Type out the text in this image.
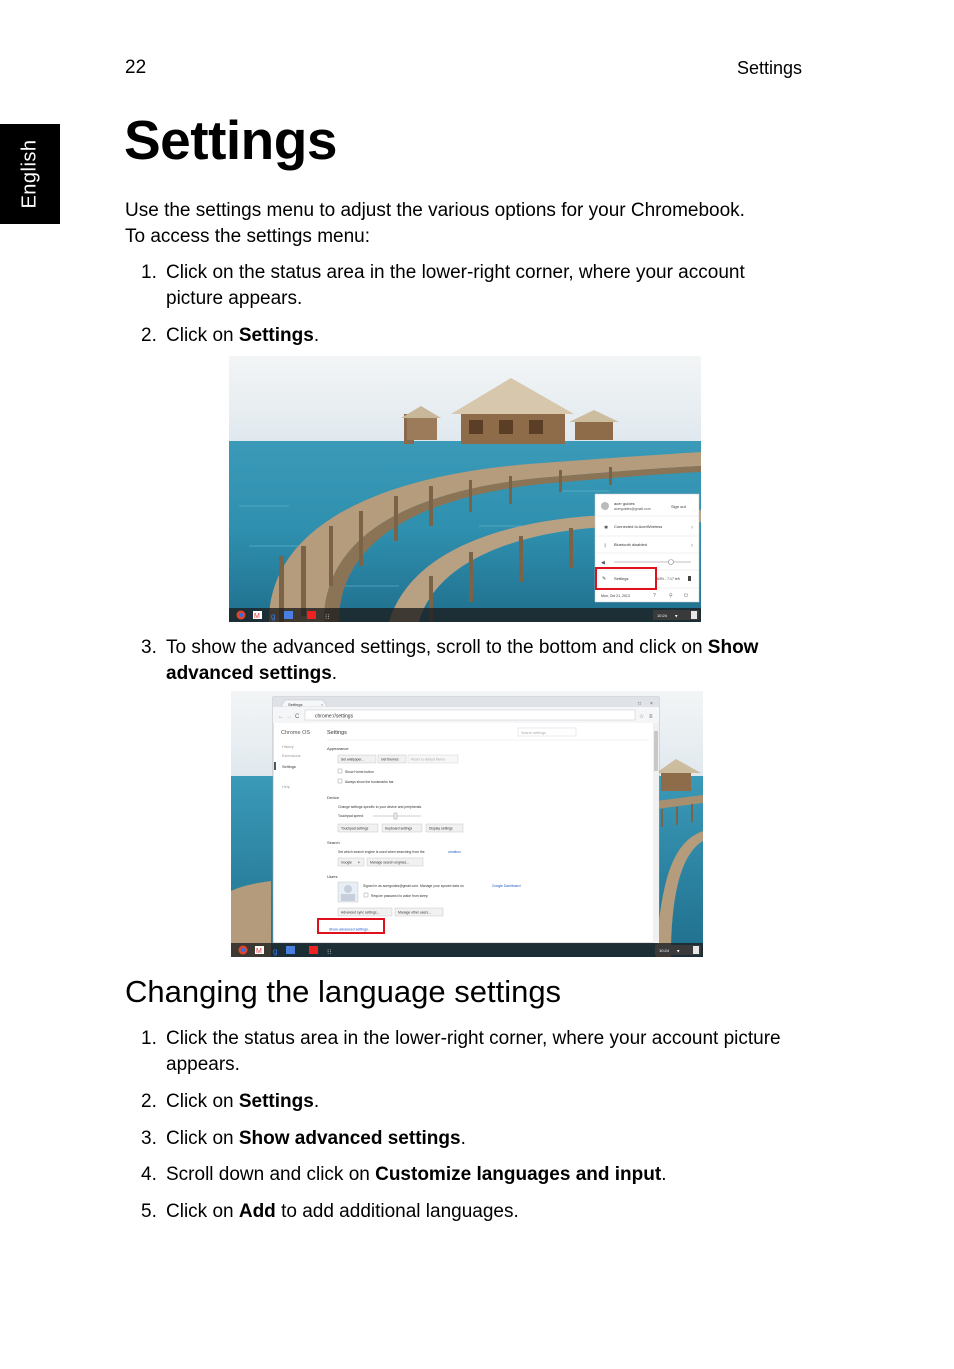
22	Settings
English Settings
Use the settings menu to adjust the various options for your Chromebook.
To access the settings menu:
1. Click on the status area in the lower-right corner, where your account picture appears.
2. Click on Settings.
acer guides
acerguides@gmail.com	Sign out
Connected to AcerWireless
✱	›
Bluetooth disabled
ᛒ	›
◀
✎ Settings	63% - 7:17 left
Mon, Oct 21, 2013	?	⚲ ⏻
M g	⁝⁝	10:24 ▾
3. To show the advanced settings, scroll to the bottom and click on Show advanced settings.
Settings	×	□ ×
← → C	chrome://settings	☆ ≡
Chrome OS
History
Extensions
Settings
Help
Settings	Search settings
Appearance
Set wallpaper...	Get themes	Reset to default theme
Show Home button
Always show the bookmarks bar
Device
Change settings specific to your device and peripherals.
Touchpad speed:
Touchpad settings	Keyboard settings	Display settings
Search
Set which search engine is used when searching from the	omnibox
Google ▾	Manage search engines...
Users
Signed in as acerguides@gmail.com. Manage your synced data on	Google Dashboard
Require password to wake from sleep
Advanced sync settings...	Manage other users...
Show advanced settings...
M g	⁝⁝	10:24 ▾
Changing the language settings
1. Click the status area in the lower-right corner, where your account picture appears.
2. Click on Settings.
3. Click on Show advanced settings.
4. Scroll down and click on Customize languages and input.
5. Click on Add to add additional languages.
